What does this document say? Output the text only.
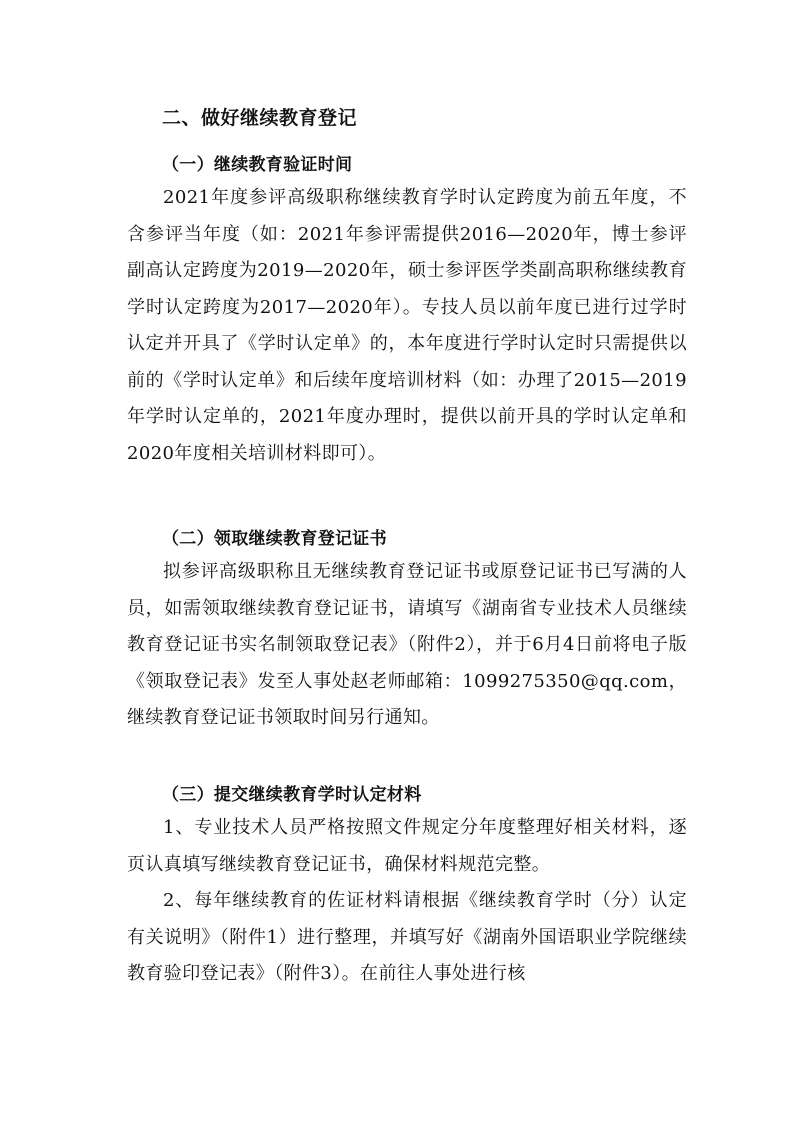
二、做好继续教育登记
（一）继续教育验证时间
2021年度参评高级职称继续教育学时认定跨度为前五年度，不含参评当年度（如：2021年参评需提供2016—2020年，博士参评副高认定跨度为2019—2020年，硕士参评医学类副高职称继续教育学时认定跨度为2017—2020年）。专技人员以前年度已进行过学时认定并开具了《学时认定单》的，本年度进行学时认定时只需提供以前的《学时认定单》和后续年度培训材料（如：办理了2015—2019年学时认定单的，2021年度办理时，提供以前开具的学时认定单和2020年度相关培训材料即可）。
（二）领取继续教育登记证书
拟参评高级职称且无继续教育登记证书或原登记证书已写满的人员，如需领取继续教育登记证书，请填写《湖南省专业技术人员继续教育登记证书实名制领取登记表》（附件2），并于6月4日前将电子版《领取登记表》发至人事处赵老师邮箱：1099275350@qq.com，继续教育登记证书领取时间另行通知。
（三）提交继续教育学时认定材料
1、专业技术人员严格按照文件规定分年度整理好相关材料，逐页认真填写继续教育登记证书，确保材料规范完整。
2、每年继续教育的佐证材料请根据《继续教育学时（分）认定有关说明》（附件1）进行整理，并填写好《湖南外国语职业学院继续教育验印登记表》（附件3）。在前往人事处进行核
